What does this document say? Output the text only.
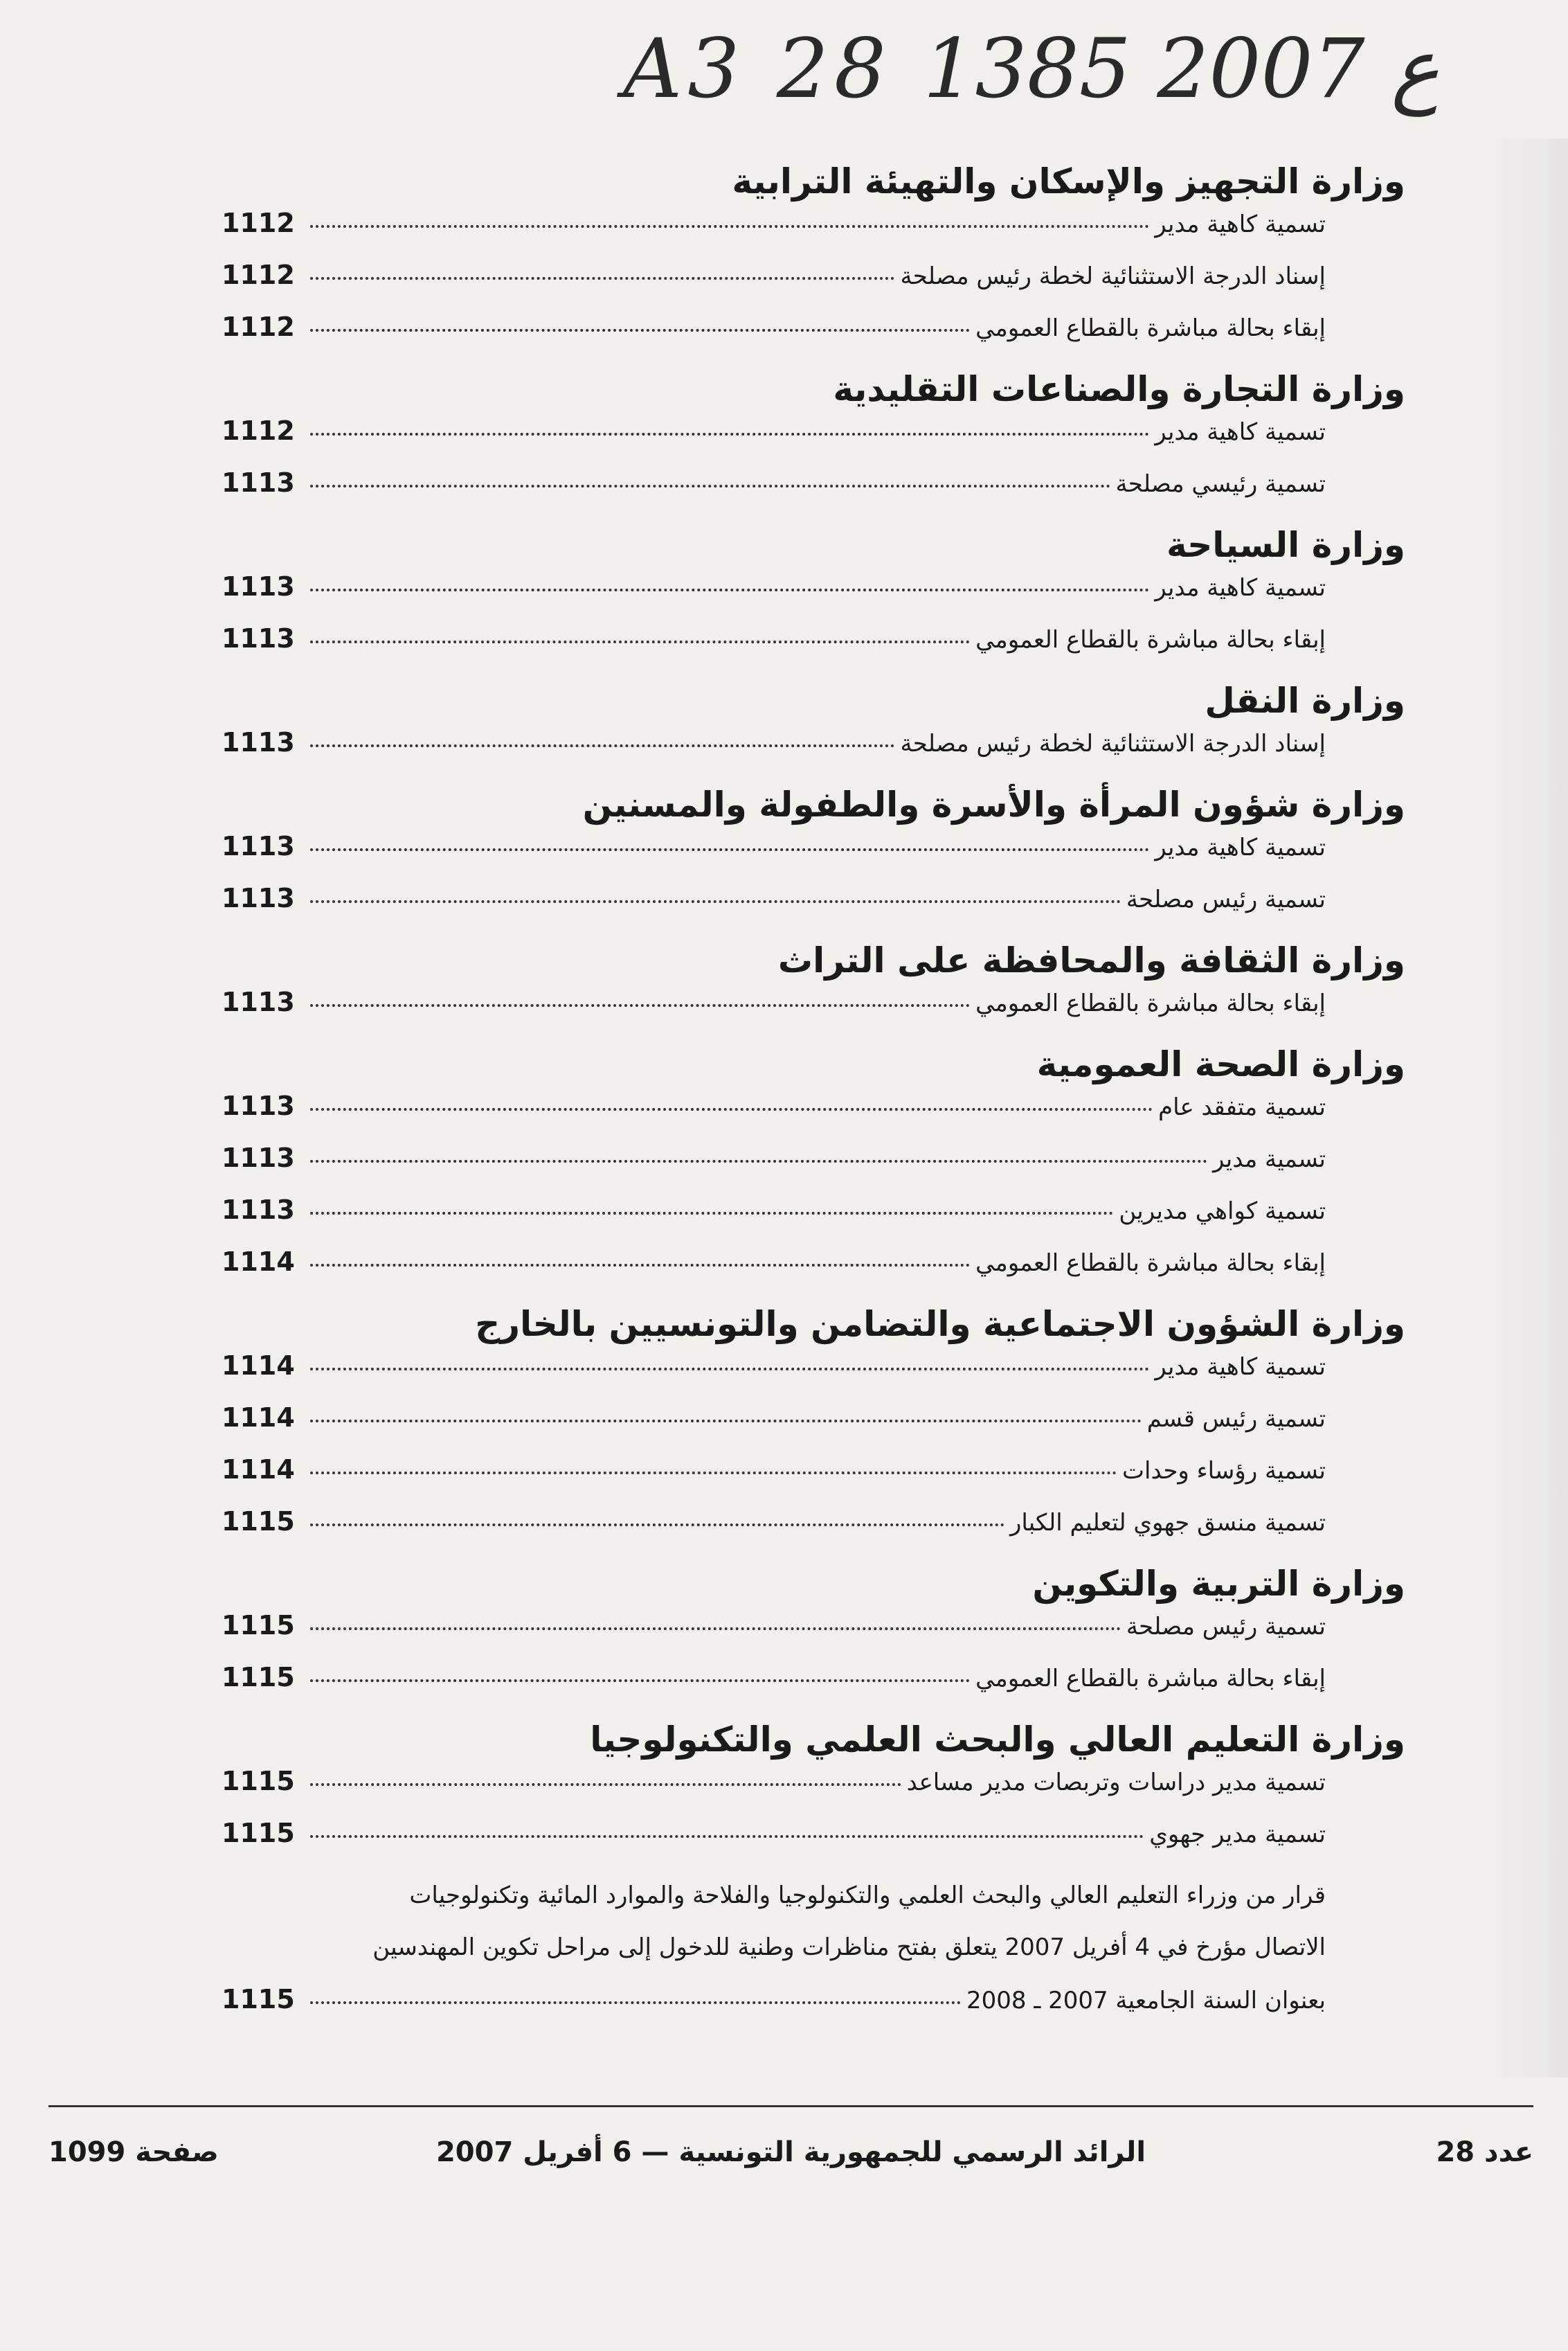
A3 28 ع 2007 1385
وزارة التجهيز والإسكان والتهيئة الترابية
تسمية كاهية مدير
1112
إسناد الدرجة الاستثنائية لخطة رئيس مصلحة
1112
إبقاء بحالة مباشرة بالقطاع العمومي
1112
وزارة التجارة والصناعات التقليدية
تسمية كاهية مدير
1112
تسمية رئيسي مصلحة
1113
وزارة السياحة
تسمية كاهية مدير
1113
إبقاء بحالة مباشرة بالقطاع العمومي
1113
وزارة النقل
إسناد الدرجة الاستثنائية لخطة رئيس مصلحة
1113
وزارة شؤون المرأة والأسرة والطفولة والمسنين
تسمية كاهية مدير
1113
تسمية رئيس مصلحة
1113
وزارة الثقافة والمحافظة على التراث
إبقاء بحالة مباشرة بالقطاع العمومي
1113
وزارة الصحة العمومية
تسمية متفقد عام
1113
تسمية مدير
1113
تسمية كواهي مديرين
1113
إبقاء بحالة مباشرة بالقطاع العمومي
1114
وزارة الشؤون الاجتماعية والتضامن والتونسيين بالخارج
تسمية كاهية مدير
1114
تسمية رئيس قسم
1114
تسمية رؤساء وحدات
1114
تسمية منسق جهوي لتعليم الكبار
1115
وزارة التربية والتكوين
تسمية رئيس مصلحة
1115
إبقاء بحالة مباشرة بالقطاع العمومي
1115
وزارة التعليم العالي والبحث العلمي والتكنولوجيا
تسمية مدير دراسات وتربصات مدير مساعد
1115
تسمية مدير جهوي
1115
قرار من وزراء التعليم العالي والبحث العلمي والتكنولوجيا والفلاحة والموارد المائية وتكنولوجيات
الاتصال مؤرخ في 4 أفريل 2007 يتعلق بفتح مناظرات وطنية للدخول إلى مراحل تكوين المهندسين
بعنوان السنة الجامعية 2007 ـ 2008
1115
عدد 28
الرائد الرسمي للجمهورية التونسية — 6 أفريل 2007
صفحة 1099
